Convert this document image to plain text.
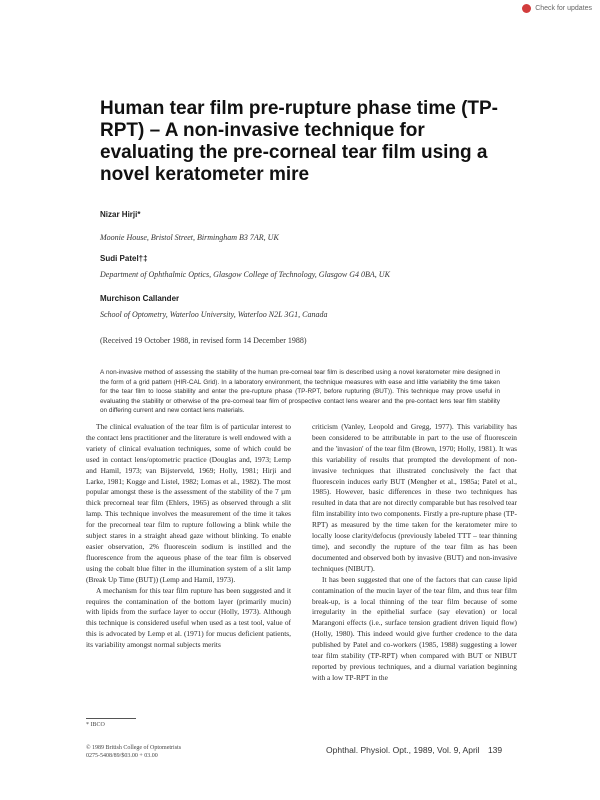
Check for updates
Human tear film pre-rupture phase time (TP-RPT) – A non-invasive technique for evaluating the pre-corneal tear film using a novel keratometer mire
Nizar Hirji*
Moonie House, Bristol Street, Birmingham B3 7AR, UK
Sudi Patel†‡
Department of Ophthalmic Optics, Glasgow College of Technology, Glasgow G4 0BA, UK
Murchison Callander
School of Optometry, Waterloo University, Waterloo N2L 3G1, Canada
(Received 19 October 1988, in revised form 14 December 1988)

A non-invasive method of assessing the stability of the human pre-corneal tear film is described using a novel keratometer mire designed in the form of a grid pattern (HIR-CAL Grid). In a laboratory environment, the technique measures with ease and little variability the time taken for the tear film to loose stability and enter the pre-rupture phase (TP-RPT, before rupturing (BUT)). This technique may prove useful in evaluating the stability or otherwise of the pre-corneal tear film of prospective contact lens wearer and the pre-contact lens tear film stability on differing current and new contact lens materials.

The clinical evaluation of the tear film is of particular interest to the contact lens practitioner and the literature is well endowed with a variety of clinical evaluation techniques, some of which could be used in contact lens/optometric practice (Douglas and, 1973; Lemp and Hamil, 1973; van Bijsterveld, 1969; Holly, 1981; Hirji and Larke, 1981; Kogge and Listel, 1982; Lomas et al., 1982). The most popular amongst these is the assessment of the stability of the 7 µm thick precorneal tear film (Ehlers, 1965) as observed through a slit lamp. This technique involves the measurement of the time it takes for the precorneal tear film to rupture following a blink while the subject stares in a straight ahead gaze without blinking. To enable easier observation, 2% fluorescein sodium is instilled and the fluorescence from the aqueous phase of the tear film is observed using the cobalt blue filter in the illumination system of a slit lamp (Break Up Time (BUT)) (Lemp and Hamil, 1973).

A mechanism for this tear film rupture has been suggested and it requires the contamination of the bottom layer (primarily mucin) with lipids from the surface layer to occur (Holly, 1973). Although this technique is considered useful when used as a test tool, value of this is advocated by Lemp et al. (1971) for mucus deficient patients, its variability amongst normal subjects merits

criticism (Vanley, Leopold and Gregg, 1977). This variability has been considered to be attributable in part to the use of fluorescein and the 'invasion' of the tear film (Brown, 1970; Holly, 1981). It was this variability of results that prompted the development of non-invasive techniques that illustrated conclusively the fact that fluorescein induces early BUT (Mengher et al., 1985a; Patel et al., 1985). However, basic differences in these two techniques has resulted in data that are not directly comparable but has resolved tear film instability into two components. Firstly a pre-rupture phase (TP-RPT) as measured by the time taken for the keratometer mire to locally loose clarity/defocus (previously labeled TTT – tear thinning time), and secondly the rupture of the tear film as has been documented and observed both by invasive (BUT) and non-invasive techniques (NIBUT).

It has been suggested that one of the factors that can cause lipid contamination of the mucin layer of the tear film, and thus tear film break-up, is a local thinning of the tear film because of some irregularity in the epithelial surface (say elevation) or local Marangoni effects (i.e., surface tension gradient driven liquid flow) (Holly, 1980). This indeed would give further credence to the data published by Patel and co-workers (1985, 1988) suggesting a lower tear film stability (TP-RPT) when compared with BUT or NIBUT reported by previous techniques, and a diurnal variation beginning with a low TP-RPT in the

* IBCO
© 1989 British College of Optometrists
0275-5408/89/$03.00 + 03.00
Ophthal. Physiol. Opt., 1989, Vol. 9, April 139
